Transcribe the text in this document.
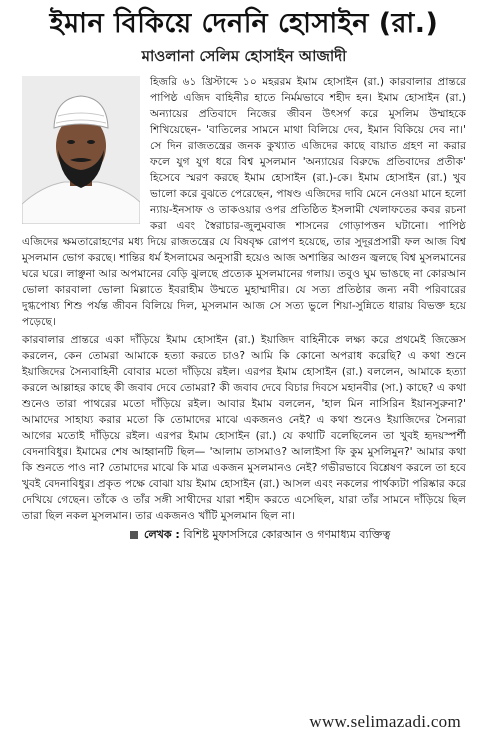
ইমান বিকিয়ে দেননি হোসাইন (রা.)
মাওলানা সেলিম হোসাইন আজাদী

হিজরি ৬১ খ্রিস্টাব্দে ১০ মহররম ইমাম হোসাইন (রা.) কারবালার প্রান্তরে পাপিষ্ঠ এজিদ বাহিনীর হাতে নির্মমভাবে শহীদ হন। ইমাম হোসাইন (রা.) অন্যায়ের প্রতিবাদে নিজের জীবন উৎসর্গ করে মুসলিম উম্মাহকে শিখিয়েছেন- 'বাতিলের সামনে মাথা বিলিয়ে দেব, ইমান বিকিয়ে দেব না।' সে দিন রাজতন্ত্রের জনক কুখ্যাত এজিদের কাছে বায়াত গ্রহণ না করার ফলে যুগ যুগ ধরে বিশ্ব মুসলমান 'অন্যায়ের বিরুদ্ধে প্রতিবাদের প্রতীক' হিসেবে স্মরণ করছে ইমাম হোসাইন (রা.)-কে। ইমাম হোসাইন (রা.) খুব ভালো করে বুঝতে পেরেছেন, পাষণ্ড এজিদের দাবি মেনে নেওয়া মানে হলো ন্যায়-ইনসাফ ও তাকওয়ার ওপর প্রতিষ্ঠিত ইসলামী খেলাফতের কবর রচনা করা এবং স্বৈরাচার-জুলুমবাজ শাসনের গোড়াপত্তন ঘটানো। পাপিষ্ঠ এজিদের ক্ষমতারোহণের মধ্য দিয়ে রাজতন্ত্রের যে বিষবৃক্ষ রোপণ হয়েছে, তার সুদূরপ্রসারী ফল আজ বিশ্ব মুসলমান ভোগ করছে। শান্তির ধর্ম ইসলামের অনুসারী হয়েও আজ অশান্তির আগুন জ্বলছে বিশ্ব মুসলমানের ঘরে ঘরে। লাঞ্ছনা আর অপমানের বেড়ি ঝুলছে প্রত্যেক মুসলমানের গলায়। তবুও ঘুম ভাঙছে না কোরআন ভোলা কারবালা ভোলা মিল্লাতে ইবরাহীম উম্মতে মুহাম্মাদীর। যে সত্য প্রতিষ্ঠার জন্য নবী পরিবারের দুগ্ধপোষ্য শিশু পর্যন্ত জীবন বিলিয়ে দিল, মুসলমান আজ সে সত্য ভুলে শিয়া-সুন্নিতে ধারায় বিভক্ত হয়ে পড়েছে।

কারবালার প্রান্তরে একা দাঁড়িয়ে ইমাম হোসাইন (রা.) ইয়াজিদ বাহিনীকে লক্ষ্য করে প্রথমেই জিজ্ঞেস করলেন, কেন তোমরা আমাকে হত্যা করতে চাও? আমি কি কোনো অপরাধ করেছি? এ কথা শুনে ইয়াজিদের সৈন্যবাহিনী বোবার মতো দাঁড়িয়ে রইল। এরপর ইমাম হোসাইন (রা.) বললেন, আমাকে হত্যা করলে আল্লাহর কাছে কী জবাব দেবে তোমরা? কী জবাব দেবে বিচার দিবসে মহানবীর (সা.) কাছে? এ কথা শুনেও তারা পাথরের মতো দাঁড়িয়ে রইল। আবার ইমাম বললেন, 'হাল মিন নাসিরিন ইয়ানসুরুনা?' আমাদের সাহায্য করার মতো কি তোমাদের মাঝে একজনও নেই? এ কথা শুনেও ইয়াজিদের সৈন্যরা আগের মতোই দাঁড়িয়ে রইল। এরপর ইমাম হোসাইন (রা.) যে কথাটি বলেছিলেন তা খুবই হৃদয়স্পর্শী বেদনাবিধুর। ইমামের শেষ আহ্বানটি ছিল— 'আলাম তাসমাও? আলাইসা ফি কুম মুসলিমুন?' আমার কথা কি শুনতে পাও না? তোমাদের মাঝে কি মাত্র একজন মুসলমানও নেই? গভীরভাবে বিশ্লেষণ করলে তা হবে খুবই বেদনাবিধুর। প্রকৃত পক্ষে বোঝা যায় ইমাম হোসাইন (রা.) আসল এবং নকলের পার্থক্যটা পরিষ্কার করে দেখিয়ে গেছেন। তাঁকে ও তাঁর সঙ্গী সাথীদের যারা শহীদ করতে এসেছিল, যারা তাঁর সামনে দাঁড়িয়ে ছিল তারা ছিল নকল মুসলমান। তার একজনও খাঁটি মুসলমান ছিল না।

লেখক : বিশিষ্ট মুফাসসিরে কোরআন ও গণমাধ্যম ব্যক্তিত্ব
www.selimazadi.com
